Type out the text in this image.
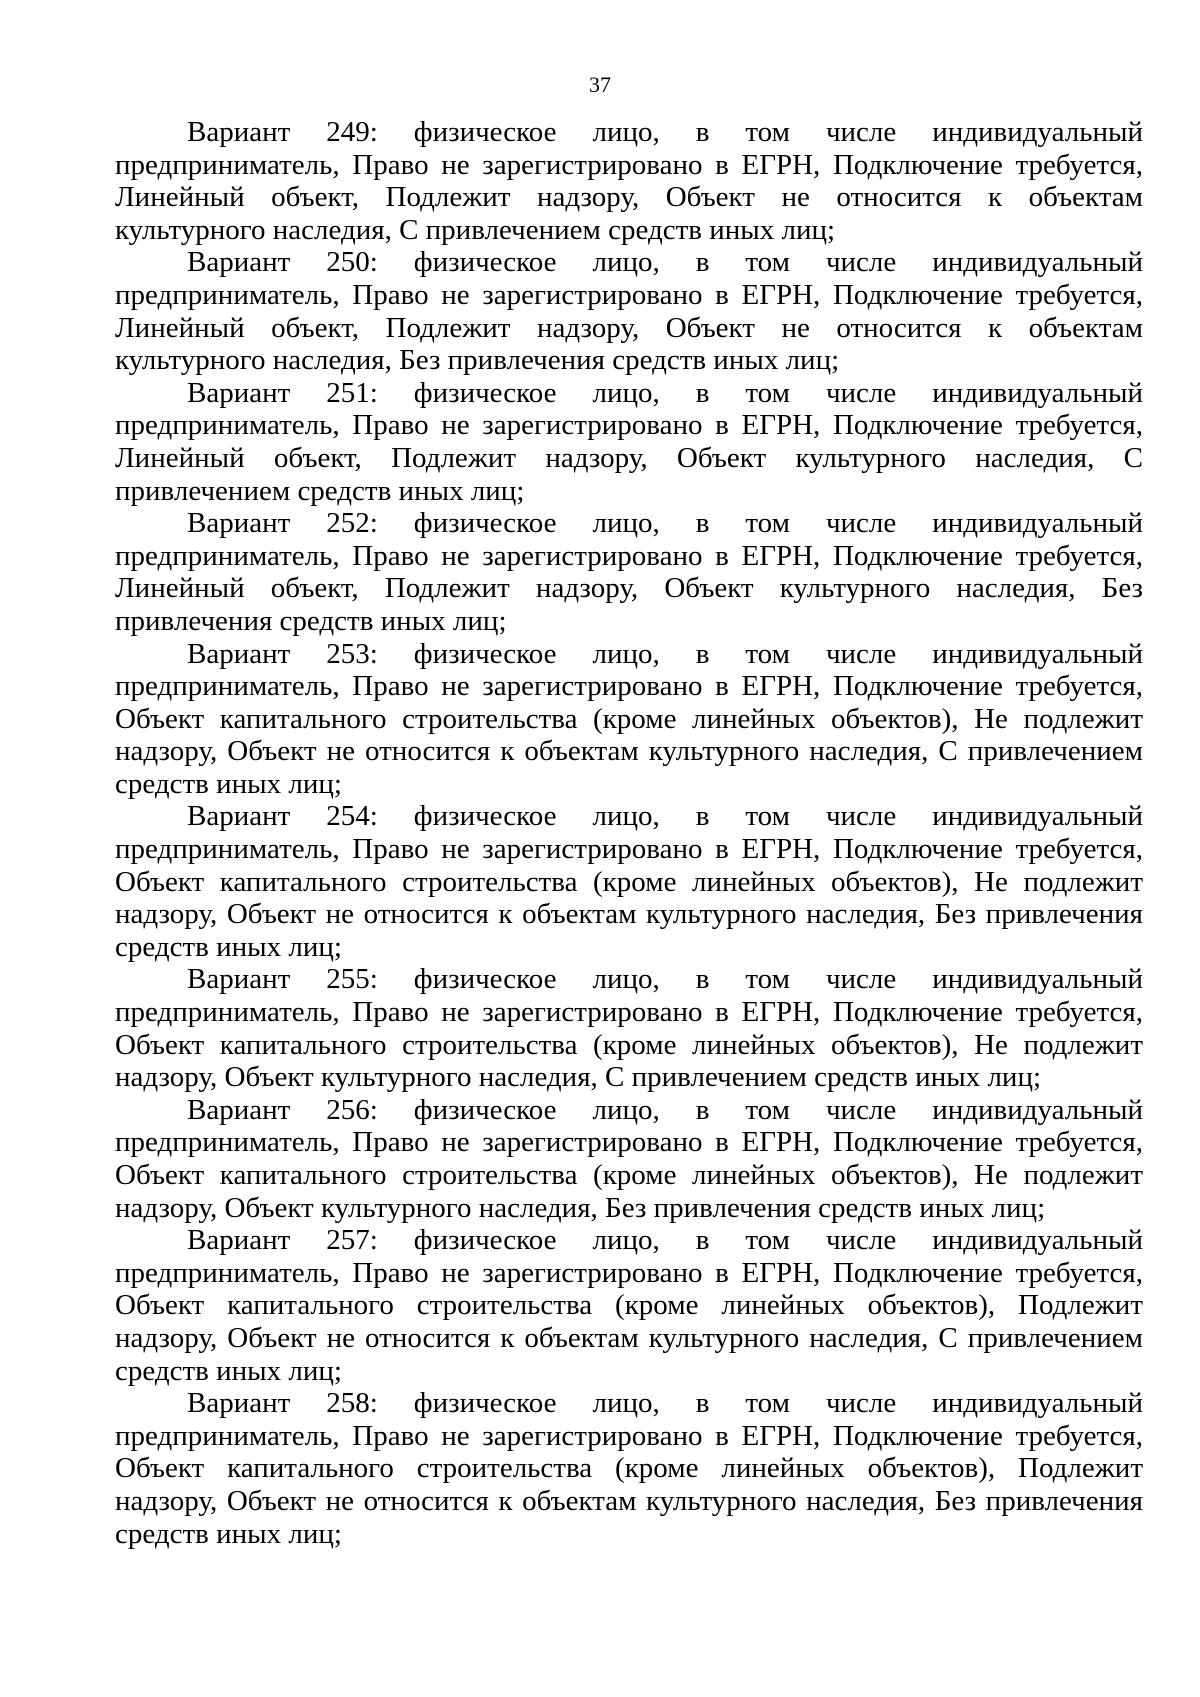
37

Вариант 249: физическое лицо, в том числе индивидуальный предприниматель, Право не зарегистрировано в ЕГРН, Подключение требуется, Линейный объект, Подлежит надзору, Объект не относится к объектам культурного наследия, С привлечением средств иных лиц;

Вариант 250: физическое лицо, в том числе индивидуальный предприниматель, Право не зарегистрировано в ЕГРН, Подключение требуется, Линейный объект, Подлежит надзору, Объект не относится к объектам культурного наследия, Без привлечения средств иных лиц;

Вариант 251: физическое лицо, в том числе индивидуальный предприниматель, Право не зарегистрировано в ЕГРН, Подключение требуется, Линейный объект, Подлежит надзору, Объект культурного наследия, С привлечением средств иных лиц;

Вариант 252: физическое лицо, в том числе индивидуальный предприниматель, Право не зарегистрировано в ЕГРН, Подключение требуется, Линейный объект, Подлежит надзору, Объект культурного наследия, Без привлечения средств иных лиц;

Вариант 253: физическое лицо, в том числе индивидуальный предприниматель, Право не зарегистрировано в ЕГРН, Подключение требуется, Объект капитального строительства (кроме линейных объектов), Не подлежит надзору, Объект не относится к объектам культурного наследия, С привлечением средств иных лиц;

Вариант 254: физическое лицо, в том числе индивидуальный предприниматель, Право не зарегистрировано в ЕГРН, Подключение требуется, Объект капитального строительства (кроме линейных объектов), Не подлежит надзору, Объект не относится к объектам культурного наследия, Без привлечения средств иных лиц;

Вариант 255: физическое лицо, в том числе индивидуальный предприниматель, Право не зарегистрировано в ЕГРН, Подключение требуется, Объект капитального строительства (кроме линейных объектов), Не подлежит надзору, Объект культурного наследия, С привлечением средств иных лиц;

Вариант 256: физическое лицо, в том числе индивидуальный предприниматель, Право не зарегистрировано в ЕГРН, Подключение требуется, Объект капитального строительства (кроме линейных объектов), Не подлежит надзору, Объект культурного наследия, Без привлечения средств иных лиц;

Вариант 257: физическое лицо, в том числе индивидуальный предприниматель, Право не зарегистрировано в ЕГРН, Подключение требуется, Объект капитального строительства (кроме линейных объектов), Подлежит надзору, Объект не относится к объектам культурного наследия, С привлечением средств иных лиц;

Вариант 258: физическое лицо, в том числе индивидуальный предприниматель, Право не зарегистрировано в ЕГРН, Подключение требуется, Объект капитального строительства (кроме линейных объектов), Подлежит надзору, Объект не относится к объектам культурного наследия, Без привлечения средств иных лиц;
